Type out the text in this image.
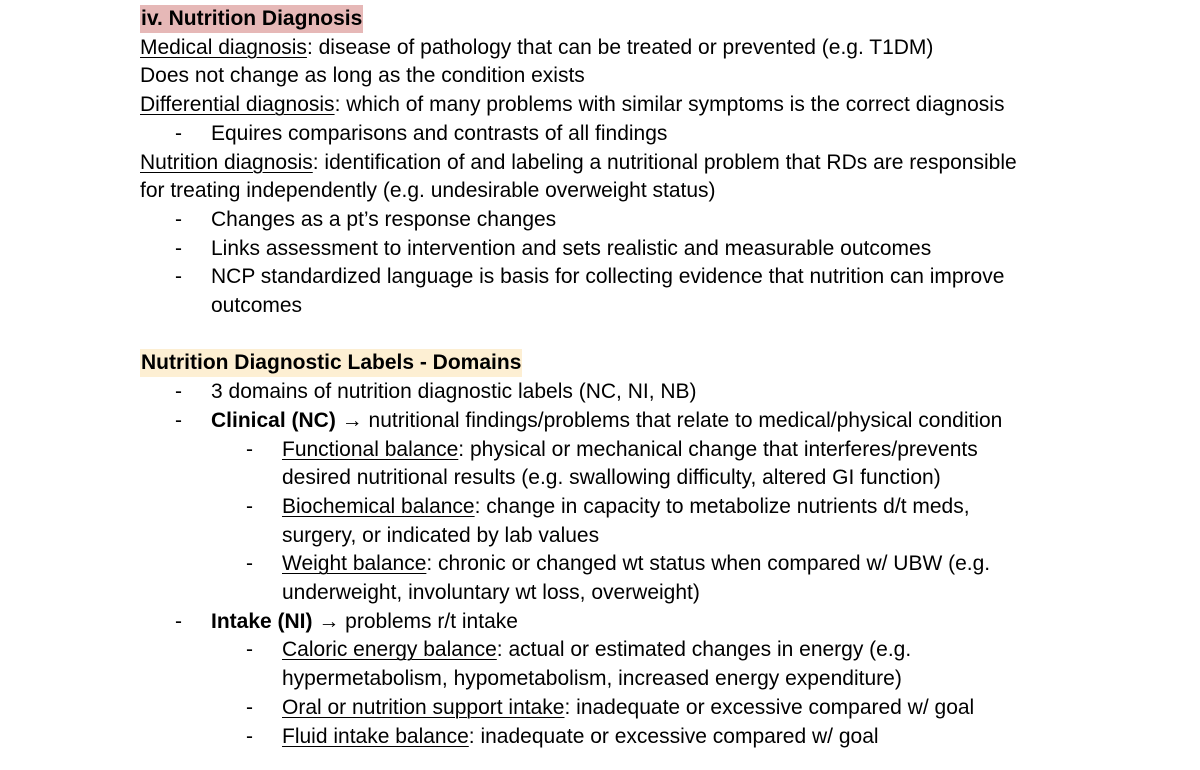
iv. Nutrition Diagnosis
Medical diagnosis: disease of pathology that can be treated or prevented (e.g. T1DM)
Does not change as long as the condition exists
Differential diagnosis: which of many problems with similar symptoms is the correct diagnosis
- Equires comparisons and contrasts of all findings
Nutrition diagnosis: identification of and labeling a nutritional problem that RDs are responsible
for treating independently (e.g. undesirable overweight status)
- Changes as a pt’s response changes
- Links assessment to intervention and sets realistic and measurable outcomes
- NCP standardized language is basis for collecting evidence that nutrition can improve
outcomes
Nutrition Diagnostic Labels - Domains
- 3 domains of nutrition diagnostic labels (NC, NI, NB)
- Clinical (NC) → nutritional findings/problems that relate to medical/physical condition
- Functional balance: physical or mechanical change that interferes/prevents
desired nutritional results (e.g. swallowing difficulty, altered GI function)
- Biochemical balance: change in capacity to metabolize nutrients d/t meds,
surgery, or indicated by lab values
- Weight balance: chronic or changed wt status when compared w/ UBW (e.g.
underweight, involuntary wt loss, overweight)
- Intake (NI) → problems r/t intake
- Caloric energy balance: actual or estimated changes in energy (e.g.
hypermetabolism, hypometabolism, increased energy expenditure)
- Oral or nutrition support intake: inadequate or excessive compared w/ goal
- Fluid intake balance: inadequate or excessive compared w/ goal
